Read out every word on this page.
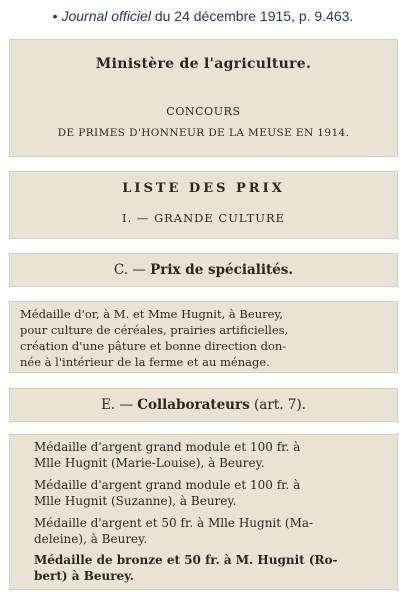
• Journal officiel du 24 décembre 1915, p. 9.463.
Ministère de l'agriculture.
CONCOURS
DE PRIMES D'HONNEUR DE LA MEUSE EN 1914.
LISTE DES PRIX
I. — GRANDE CULTURE
C. — Prix de spécialités.
Médaille d'or, à M. et Mme Hugnit, à Beurey,
pour culture de céréales, prairies artificielles,
création d'une pâture et bonne direction don-
née à l'intérieur de la ferme et au ménage.
E. — Collaborateurs (art. 7).
Médaille d'argent grand module et 100 fr. à
Mlle Hugnit (Marie-Louise), à Beurey.
Médaille d'argent grand module et 100 fr. à
Mlle Hugnit (Suzanne), à Beurey.
Médaille d'argent et 50 fr. à Mlle Hugnit (Ma-
deleine), à Beurey.
Médaille de bronze et 50 fr. à M. Hugnit (Ro-
bert) à Beurey.
